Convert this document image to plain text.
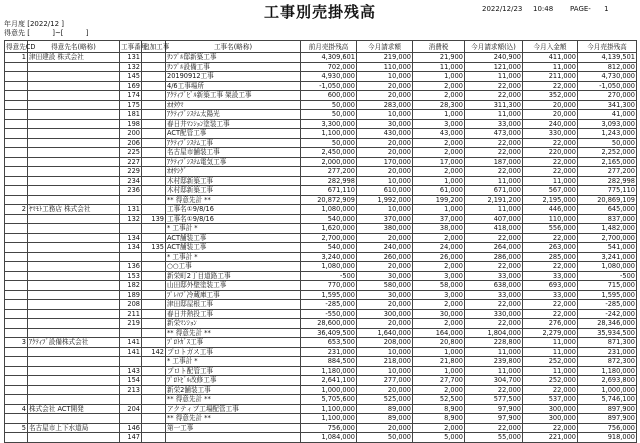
工事別売掛残高	2022/12/23 10:48 PAGE- 1
年月度 [2022/12 ]
得意先 [          ]~[          ]
得意先CD	得意先名(略称)	工事番号	追加工事	工事名(略称)	前月売掛残高	今月請求額	消費税	今月請求額(込)	今月入金額	今月売掛残高
1	津田建設 株式会社	131		ｻﾝﾌﾟﾙ邸新築工事	4,309,601	219,000	21,900	240,900	411,000	4,139,501
		132		ｻﾝﾌﾟﾙ設備工事	702,000	110,000	11,000	121,000	11,000	812,000
		145		20190912工事	4,930,000	10,000	1,000	11,000	211,000	4,730,000
		169		4/6工事場所	-1,050,000	20,000	2,000	22,000	22,000	-1,050,000
		174		ｱｸﾃｨﾌﾞﾋﾞﾙ新築工事 架設工事	600,000	20,000	2,000	22,000	352,000	270,000
		175		ｵｵﾀｳﾏ	50,000	283,000	28,300	311,300	20,000	341,300
		181		ｱｸﾃｨﾌﾞｼｽﾃﾑ太陽光	50,000	10,000	1,000	11,000	20,000	41,000
		198		春日井ﾏﾝｼｮﾝ塗装工事	3,300,000	30,000	3,000	33,000	240,000	3,093,000
		200		ACT配管工事	1,100,000	430,000	43,000	473,000	330,000	1,243,000
		206		ｱｸﾃｨﾌﾞｼｽﾃﾑ工事	50,000	20,000	2,000	22,000	22,000	50,000
		225		名古屋市舗装工事	2,450,000	20,000	2,000	22,000	220,000	2,252,000
		227		ｱｸﾃｨﾌﾞｼｽﾃﾑ電気工事	2,000,000	170,000	17,000	187,000	22,000	2,165,000
		229		ｵｵｻｼｸﾞ	277,200	20,000	2,000	22,000	22,000	277,200
		234		木村邸新築工事	282,998	10,000	1,000	11,000	11,000	282,998
		236		木村邸新築工事	671,110	610,000	61,000	671,000	567,000	775,110
				** 得意先計 **	20,872,909	1,992,000	199,200	2,191,200	2,195,000	20,869,109
2	ﾔﾏﾓﾄ工務店 株式会社	131		工事名①9/8/16	1,080,000	10,000	1,000	11,000	446,000	645,000
		132	139	工事名①9/8/16	540,000	370,000	37,000	407,000	110,000	837,000
				* 工事計 *	1,620,000	380,000	38,000	418,000	556,000	1,482,000
		134		ACT舗装工事	2,700,000	20,000	2,000	22,000	22,000	2,700,000
		134	135	ACT舗装工事	540,000	240,000	24,000	264,000	263,000	541,000
				* 工事計 *	3,240,000	260,000	26,000	286,000	285,000	3,241,000
		136		○○工事	1,080,000	20,000	2,000	22,000	22,000	1,080,000
		153		新栄町2丁目道路工事	-500	30,000	3,000	33,000	33,000	-500
		182		山田邸外壁塗装工事	770,000	580,000	58,000	638,000	693,000	715,000
		189		ﾌﾟﾚﾊﾌﾞ冷蔵庫工事	1,595,000	30,000	3,000	33,000	33,000	1,595,000
		208		津田邸屋根工事	-285,000	20,000	2,000	22,000	22,000	-285,000
		211		春日井熱投工事	-550,000	300,000	30,000	330,000	22,000	-242,000
		219		新栄ﾏﾝｼｮﾝ	28,600,000	20,000	2,000	22,000	276,000	28,346,000
				** 得意先計 **	36,409,500	1,640,000	164,000	1,804,000	2,279,000	35,934,500
3	ｱｸﾃｨﾌﾞ設備株式会社	141		ﾌﾟﾛﾄｶﾞｽ工事	653,500	208,000	20,800	228,800	11,000	871,300
		141	142	プロトガス工事	231,000	10,000	1,000	11,000	11,000	231,000
				* 工事計 *	884,500	218,000	21,800	239,800	252,000	872,300
		143		プロト配管工事	1,180,000	10,000	1,000	11,000	11,000	1,180,000
		154		ﾌﾟﾛﾄﾋﾞﾙ改修工事	2,641,100	277,000	27,700	304,700	252,000	2,693,800
		213		新栄2舗装工事	1,000,000	20,000	2,000	22,000	22,000	1,000,000
				** 得意先計 **	5,705,600	525,000	52,500	577,500	537,000	5,746,100
4	株式会社 ACT開発	204		アクティブ工場配管工事	1,100,000	89,000	8,900	97,900	300,000	897,900
				** 得意先計 **	1,100,000	89,000	8,900	97,900	300,000	897,900
5	名古屋市上下水道局	146		第一工事	756,000	20,000	2,000	22,000	22,000	756,000
		147			1,084,000	50,000	5,000	55,000	221,000	918,000
